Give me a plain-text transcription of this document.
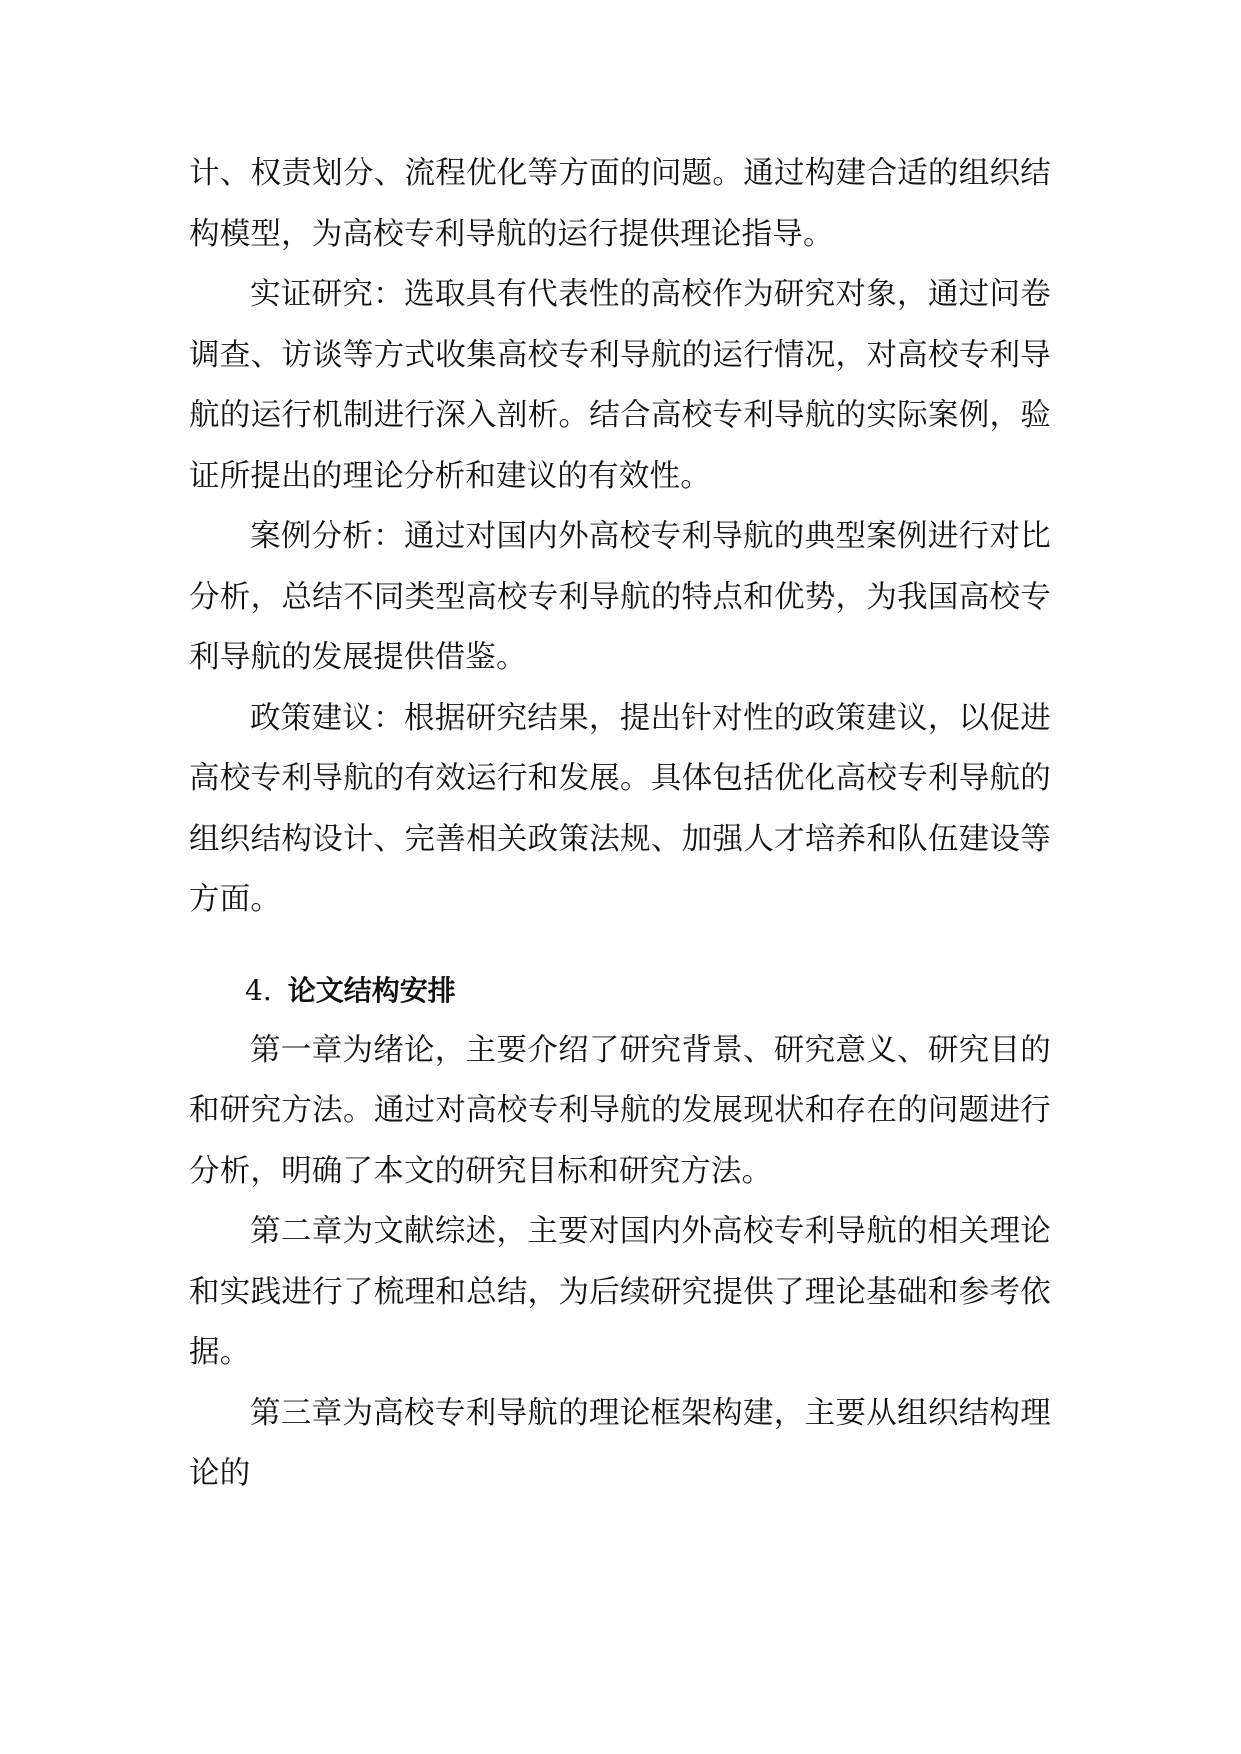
计、权责划分、流程优化等方面的问题。通过构建合适的组织结构模型，为高校专利导航的运行提供理论指导。

实证研究：选取具有代表性的高校作为研究对象，通过问卷调查、访谈等方式收集高校专利导航的运行情况，对高校专利导航的运行机制进行深入剖析。结合高校专利导航的实际案例，验证所提出的理论分析和建议的有效性。

案例分析：通过对国内外高校专利导航的典型案例进行对比分析，总结不同类型高校专利导航的特点和优势，为我国高校专利导航的发展提供借鉴。

政策建议：根据研究结果，提出针对性的政策建议，以促进高校专利导航的有效运行和发展。具体包括优化高校专利导航的组织结构设计、完善相关政策法规、加强人才培养和队伍建设等方面。

4. 论文结构安排

第一章为绪论，主要介绍了研究背景、研究意义、研究目的和研究方法。通过对高校专利导航的发展现状和存在的问题进行分析，明确了本文的研究目标和研究方法。

第二章为文献综述，主要对国内外高校专利导航的相关理论和实践进行了梳理和总结，为后续研究提供了理论基础和参考依据。

第三章为高校专利导航的理论框架构建，主要从组织结构理论的
